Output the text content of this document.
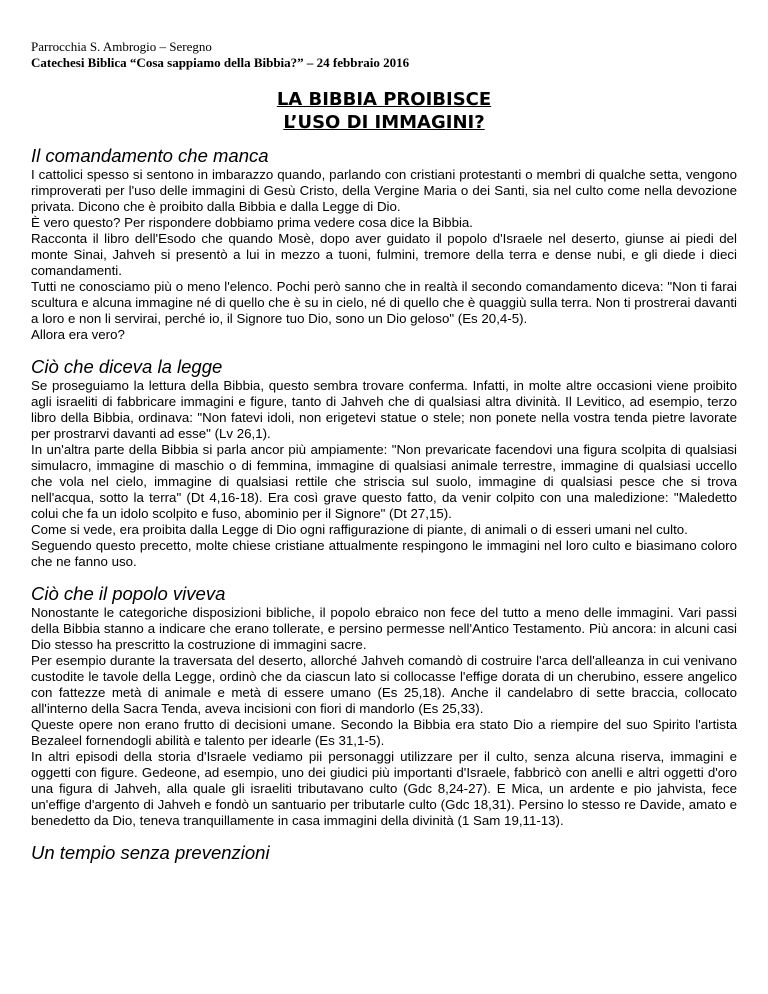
Parrocchia S. Ambrogio – Seregno
Catechesi Biblica “Cosa sappiamo della Bibbia?” – 24 febbraio 2016
LA BIBBIA PROIBISCE
L’USO DI IMMAGINI?
Il comandamento che manca

I cattolici spesso si sentono in imbarazzo quando, parlando con cristiani protestanti o membri di qualche setta, vengono rimproverati per l'uso delle immagini di Gesù Cristo, della Vergine Maria o dei Santi, sia nel culto come nella devozione privata. Dicono che è proibito dalla Bibbia e dalla Legge di Dio.

È vero questo? Per rispondere dobbiamo prima vedere cosa dice la Bibbia.

Racconta il libro dell'Esodo che quando Mosè, dopo aver guidato il popolo d'Israele nel deserto, giunse ai piedi del monte Sinai, Jahveh si presentò a lui in mezzo a tuoni, fulmini, tremore della terra e dense nubi, e gli diede i dieci comandamenti.

Tutti ne conosciamo più o meno l'elenco. Pochi però sanno che in realtà il secondo comandamento diceva: "Non ti farai scultura e alcuna immagine né di quello che è su in cielo, né di quello che è quaggiù sulla terra. Non ti prostrerai davanti a loro e non li servirai, perché io, il Signore tuo Dio, sono un Dio geloso" (Es 20,4-5).

Allora era vero?

Ciò che diceva la legge

Se proseguiamo la lettura della Bibbia, questo sembra trovare conferma. Infatti, in molte altre occasioni viene proibito agli israeliti di fabbricare immagini e figure, tanto di Jahveh che di qualsiasi altra divinità. Il Levitico, ad esempio, terzo libro della Bibbia, ordinava: "Non fatevi idoli, non erigetevi statue o stele; non ponete nella vostra tenda pietre lavorate per prostrarvi davanti ad esse" (Lv 26,1).

In un'altra parte della Bibbia si parla ancor più ampiamente: "Non prevaricate facendovi una figura scolpita di qualsiasi simulacro, immagine di maschio o di femmina, immagine di qualsiasi animale terrestre, immagine di qualsiasi uccello che vola nel cielo, immagine di qualsiasi rettile che striscia sul suolo, immagine di qualsiasi pesce che si trova nell'acqua, sotto la terra" (Dt 4,16-18). Era così grave questo fatto, da venir colpito con una maledizione: "Maledetto colui che fa un idolo scolpito e fuso, abominio per il Signore" (Dt 27,15).

Come si vede, era proibita dalla Legge di Dio ogni raffigurazione di piante, di animali o di esseri umani nel culto.

Seguendo questo precetto, molte chiese cristiane attualmente respingono le immagini nel loro culto e biasimano coloro che ne fanno uso.

Ciò che il popolo viveva

Nonostante le categoriche disposizioni bibliche, il popolo ebraico non fece del tutto a meno delle immagini. Vari passi della Bibbia stanno a indicare che erano tollerate, e persino permesse nell'Antico Testamento. Più ancora: in alcuni casi Dio stesso ha prescritto la costruzione di immagini sacre.

Per esempio durante la traversata del deserto, allorché Jahveh comandò di costruire l'arca dell'alleanza in cui venivano custodite le tavole della Legge, ordinò che da ciascun lato si collocasse l'effige dorata di un cherubino, essere angelico con fattezze metà di animale e metà di essere umano (Es 25,18). Anche il candelabro di sette braccia, collocato all'interno della Sacra Tenda, aveva incisioni con fiori di mandorlo (Es 25,33).

Queste opere non erano frutto di decisioni umane. Secondo la Bibbia era stato Dio a riempire del suo Spirito l'artista Bezaleel fornendogli abilità e talento per idearle (Es 31,1-5).

In altri episodi della storia d'Israele vediamo pii personaggi utilizzare per il culto, senza alcuna riserva, immagini e oggetti con figure. Gedeone, ad esempio, uno dei giudici più importanti d'Israele, fabbricò con anelli e altri oggetti d'oro una figura di Jahveh, alla quale gli israeliti tributavano culto (Gdc 8,24-27). E Mica, un ardente e pio jahvista, fece un'effige d'argento di Jahveh e fondò un santuario per tributarle culto (Gdc 18,31). Persino lo stesso re Davide, amato e benedetto da Dio, teneva tranquillamente in casa immagini della divinità (1 Sam 19,11-13).

Un tempio senza prevenzioni
